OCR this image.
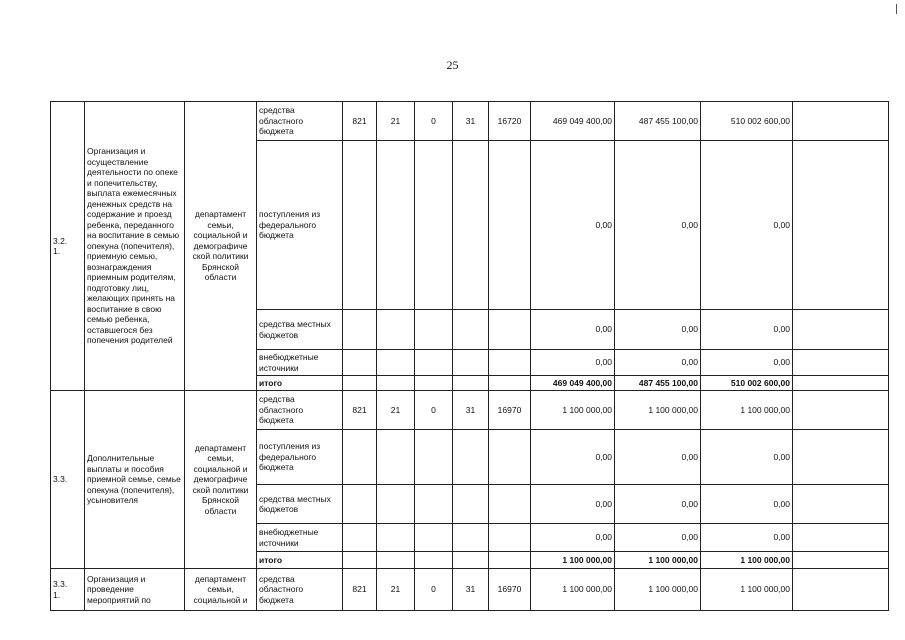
25
3.2.
1.	Организация и осуществление деятельности по опеке и попечительству, выплата ежемесячных денежных средств на содержание и проезд ребенка, переданного на воспитание в семью опекуна (попечителя), приемную семью, вознаграждения приемным родителям, подготовку лиц, желающих принять на воспитание в свою семью ребенка, оставшегося без попечения родителей	департамент семьи, социальной и демографиче ской политики Брянской области	средства областного бюджета	821	21	0	31	16720	469 049 400,00	487 455 100,00	510 002 600,00	
			поступления из федерального бюджета						0,00	0,00	0,00	
			средства местных бюджетов						0,00	0,00	0,00	
			внебюджетные источники						0,00	0,00	0,00	
			итого						469 049 400,00	487 455 100,00	510 002 600,00	
3.3.	Дополнительные выплаты и пособия приемной семье, семье опекуна (попечителя), усыновителя	департамент семьи, социальной и демографиче ской политики Брянской области	средства областного бюджета	821	21	0	31	16970	1 100 000,00	1 100 000,00	1 100 000,00	
			поступления из федерального бюджета						0,00	0,00	0,00	
			средства местных бюджетов						0,00	0,00	0,00	
			внебюджетные источники						0,00	0,00	0,00	
			итого						1 100 000,00	1 100 000,00	1 100 000,00	
3.3.
1.	Организация и проведение мероприятий по	департамент семьи, социальной и	средства областного бюджета	821	21	0	31	16970	1 100 000,00	1 100 000,00	1 100 000,00	
